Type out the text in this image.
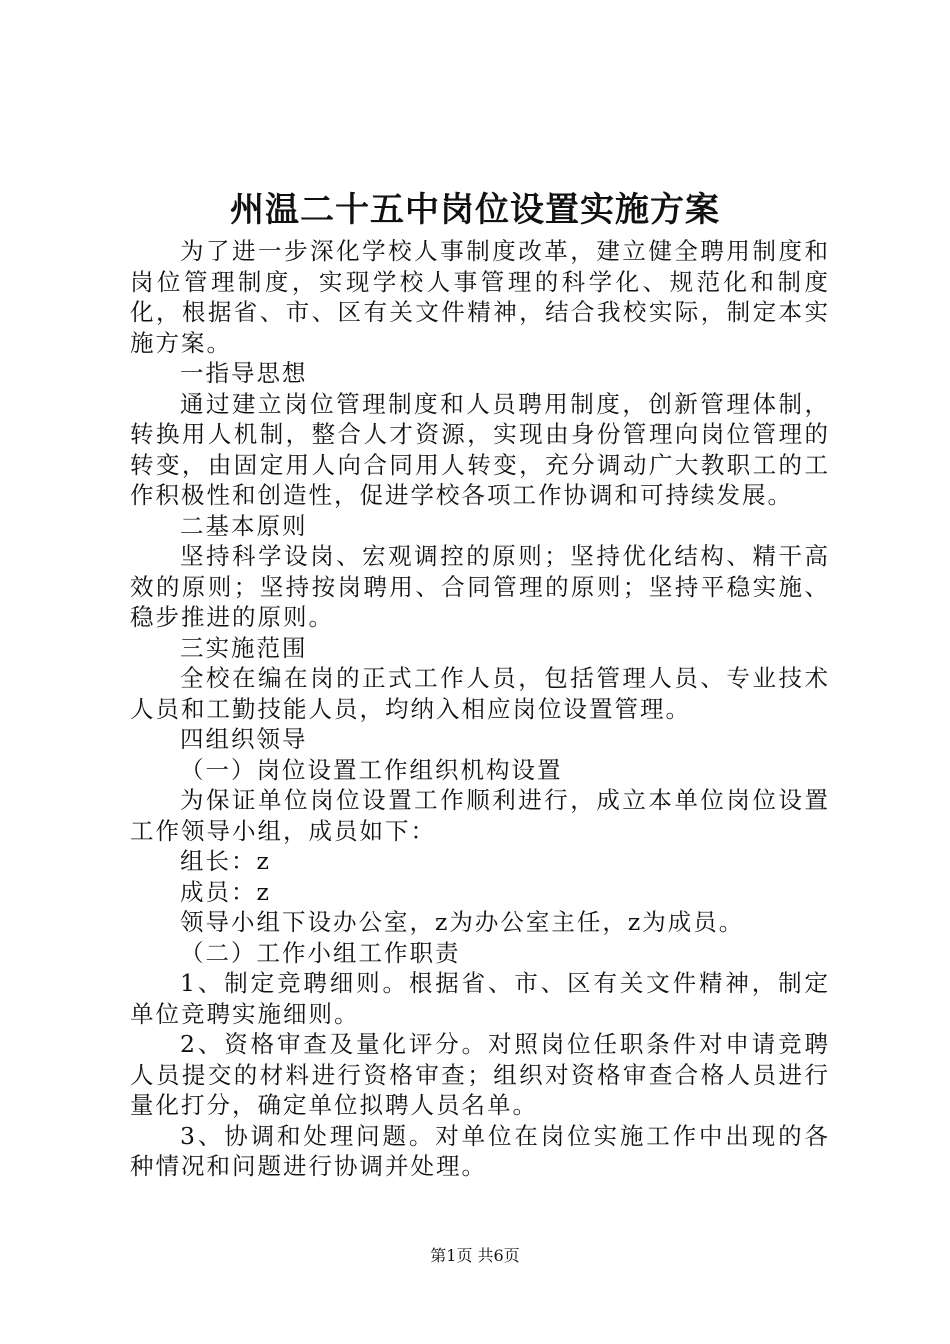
州温二十五中岗位设置实施方案

为了进一步深化学校人事制度改革，建立健全聘用制度和岗位管理制度，实现学校人事管理的科学化、规范化和制度化，根据省、市、区有关文件精神，结合我校实际，制定本实施方案。

一指导思想

通过建立岗位管理制度和人员聘用制度，创新管理体制，转换用人机制，整合人才资源，实现由身份管理向岗位管理的转变，由固定用人向合同用人转变，充分调动广大教职工的工作积极性和创造性，促进学校各项工作协调和可持续发展。

二基本原则

坚持科学设岗、宏观调控的原则；坚持优化结构、精干高效的原则；坚持按岗聘用、合同管理的原则；坚持平稳实施、稳步推进的原则。

三实施范围

全校在编在岗的正式工作人员，包括管理人员、专业技术人员和工勤技能人员，均纳入相应岗位设置管理。

四组织领导

（一）岗位设置工作组织机构设置

为保证单位岗位设置工作顺利进行，成立本单位岗位设置工作领导小组，成员如下：

组长：z

成员：z

领导小组下设办公室，z为办公室主任，z为成员。

（二）工作小组工作职责

1、制定竞聘细则。根据省、市、区有关文件精神，制定单位竞聘实施细则。

2、资格审查及量化评分。对照岗位任职条件对申请竞聘人员提交的材料进行资格审查；组织对资格审查合格人员进行量化打分，确定单位拟聘人员名单。

3、协调和处理问题。对单位在岗位实施工作中出现的各种情况和问题进行协调并处理。

第1页 共6页
